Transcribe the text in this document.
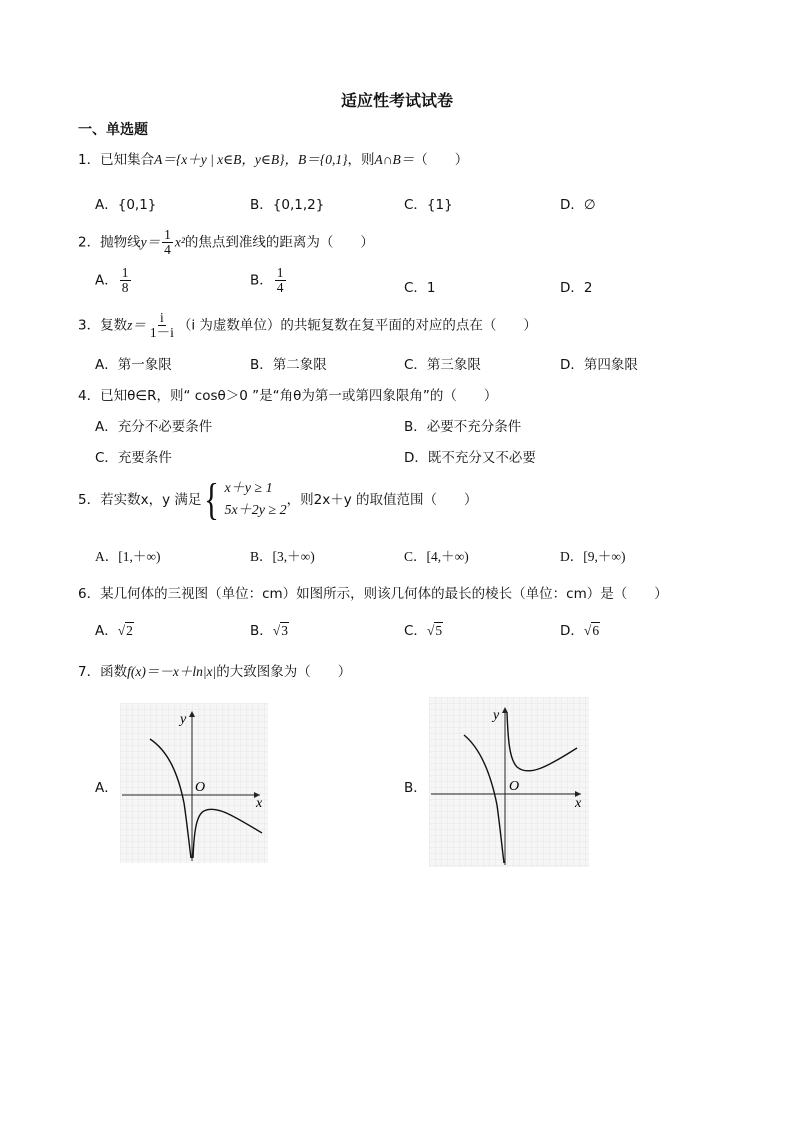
适应性考试试卷
一、单选题
1．已知集合A＝{x＋y | x∈B，y∈B}，B＝{0,1}，则A∩B＝（　　）
A．{0,1}	B．{0,1,2}	C．{1}	D．∅
2．抛物线$y= \frac{1}{4} x^2$的焦点到准线的距离为（　　）
A． $\frac{1}{8}$	B． $\frac{1}{4}$	C．1	D．2
3．复数$z= \frac{i}{1-i} (i$ 为虚数单位）的共轭复数在复平面的对应的点在（　　）
A．第一象限	B．第二象限	C．第三象限	D．第四象限
4．已知θ∈R，则“ cosθ＞0 ”是“角θ为第一或第四象限角”的（　　）
A．充分不必要条件	B．必要不充分条件
C．充要条件	D．既不充分又不必要
5．若实数x，y 满足 { x＋y ≥ 1
5x＋2y ≥ 2
，则2x＋y 的取值范围（　　）
A．[1,＋∞)	B．[3,＋∞)	C．[4,＋∞)	D．[9,＋∞)
6．某几何体的三视图（单位：cm）如图所示，则该几何体的最长的棱长（单位：cm）是（　　）
A．√2	B．√3	C．√5	D．√6
7．函数f(x)＝－x＋ln|x|的大致图象为（　　）
A．	B．
y
x
O
y
x
O
